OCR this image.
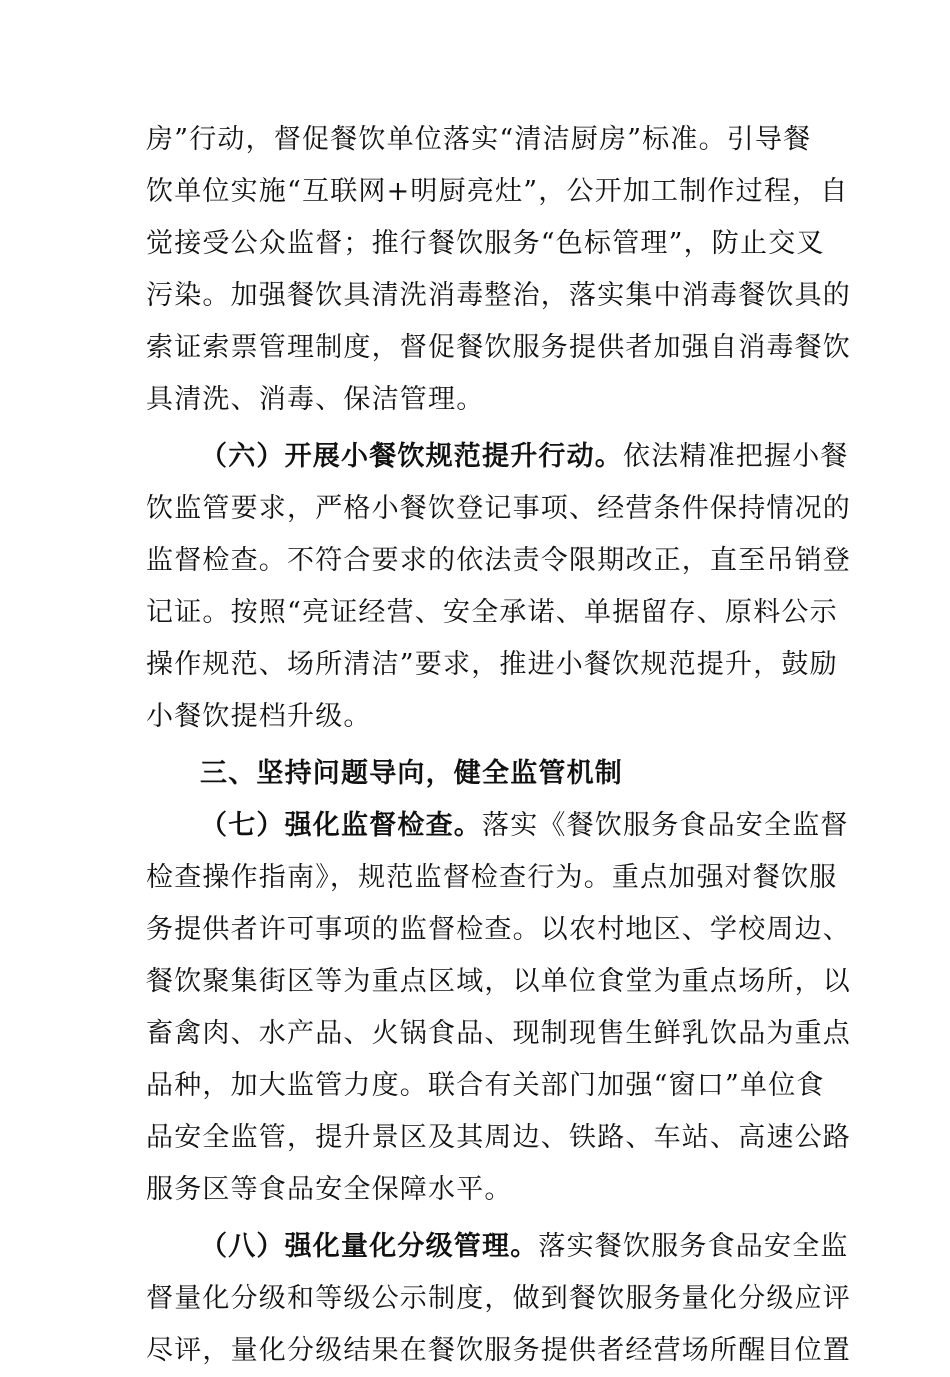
房”行动，督促餐饮单位落实“清洁厨房”标准。引导餐
饮单位实施“互联网+明厨亮灶”，公开加工制作过程，自
觉接受公众监督；推行餐饮服务“色标管理”，防止交叉
污染。加强餐饮具清洗消毒整治，落实集中消毒餐饮具的
索证索票管理制度，督促餐饮服务提供者加强自消毒餐饮
具清洗、消毒、保洁管理。
（六）开展小餐饮规范提升行动。依法精准把握小餐
饮监管要求，严格小餐饮登记事项、经营条件保持情况的
监督检查。不符合要求的依法责令限期改正，直至吊销登
记证。按照“亮证经营、安全承诺、单据留存、原料公示
操作规范、场所清洁”要求，推进小餐饮规范提升，鼓励
小餐饮提档升级。
三、坚持问题导向，健全监管机制
（七）强化监督检查。落实《餐饮服务食品安全监督
检查操作指南》，规范监督检查行为。重点加强对餐饮服
务提供者许可事项的监督检查。以农村地区、学校周边、
餐饮聚集街区等为重点区域，以单位食堂为重点场所，以
畜禽肉、水产品、火锅食品、现制现售生鲜乳饮品为重点
品种，加大监管力度。联合有关部门加强“窗口”单位食
品安全监管，提升景区及其周边、铁路、车站、高速公路
服务区等食品安全保障水平。
（八）强化量化分级管理。落实餐饮服务食品安全监
督量化分级和等级公示制度，做到餐饮服务量化分级应评
尽评，量化分级结果在餐饮服务提供者经营场所醒目位置
